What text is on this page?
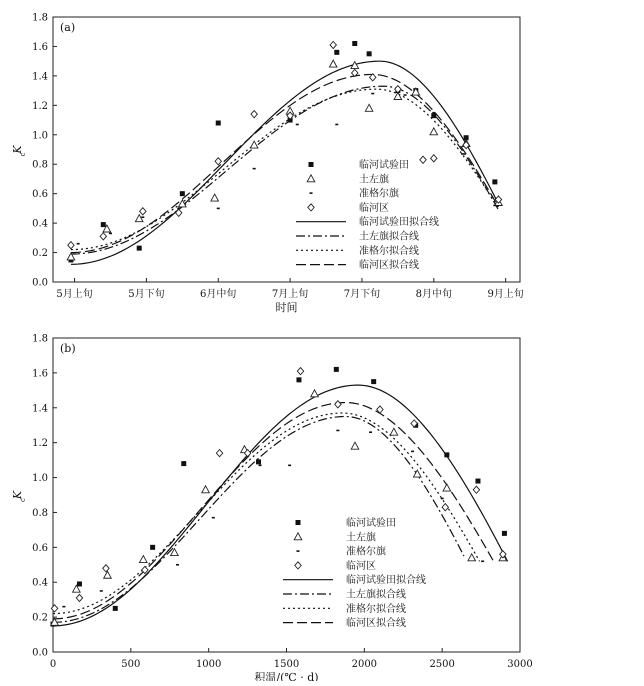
0.0
0.2
0.4
0.6
0.8
1.0
1.2
1.4
1.6
1.8
5月上旬	5月下旬	6月中旬	7月上旬	7月下旬	8月中旬	9月上旬
时间
K
c
(a)
临河试验田
土左旗
准格尔旗
临河区
临河试验田拟合线
土左旗拟合线
准格尔拟合线
临河区拟合线
0.0
0.2
0.4
0.6
0.8
1.0
1.2
1.4
1.6
1.8
0	500	1000	1500	2000	2500	3000
积温/(℃ · d)
K
c
(b)
临河试验田
土左旗
准格尔旗
临河区
临河试验田拟合线
土左旗拟合线
准格尔拟合线
临河区拟合线
